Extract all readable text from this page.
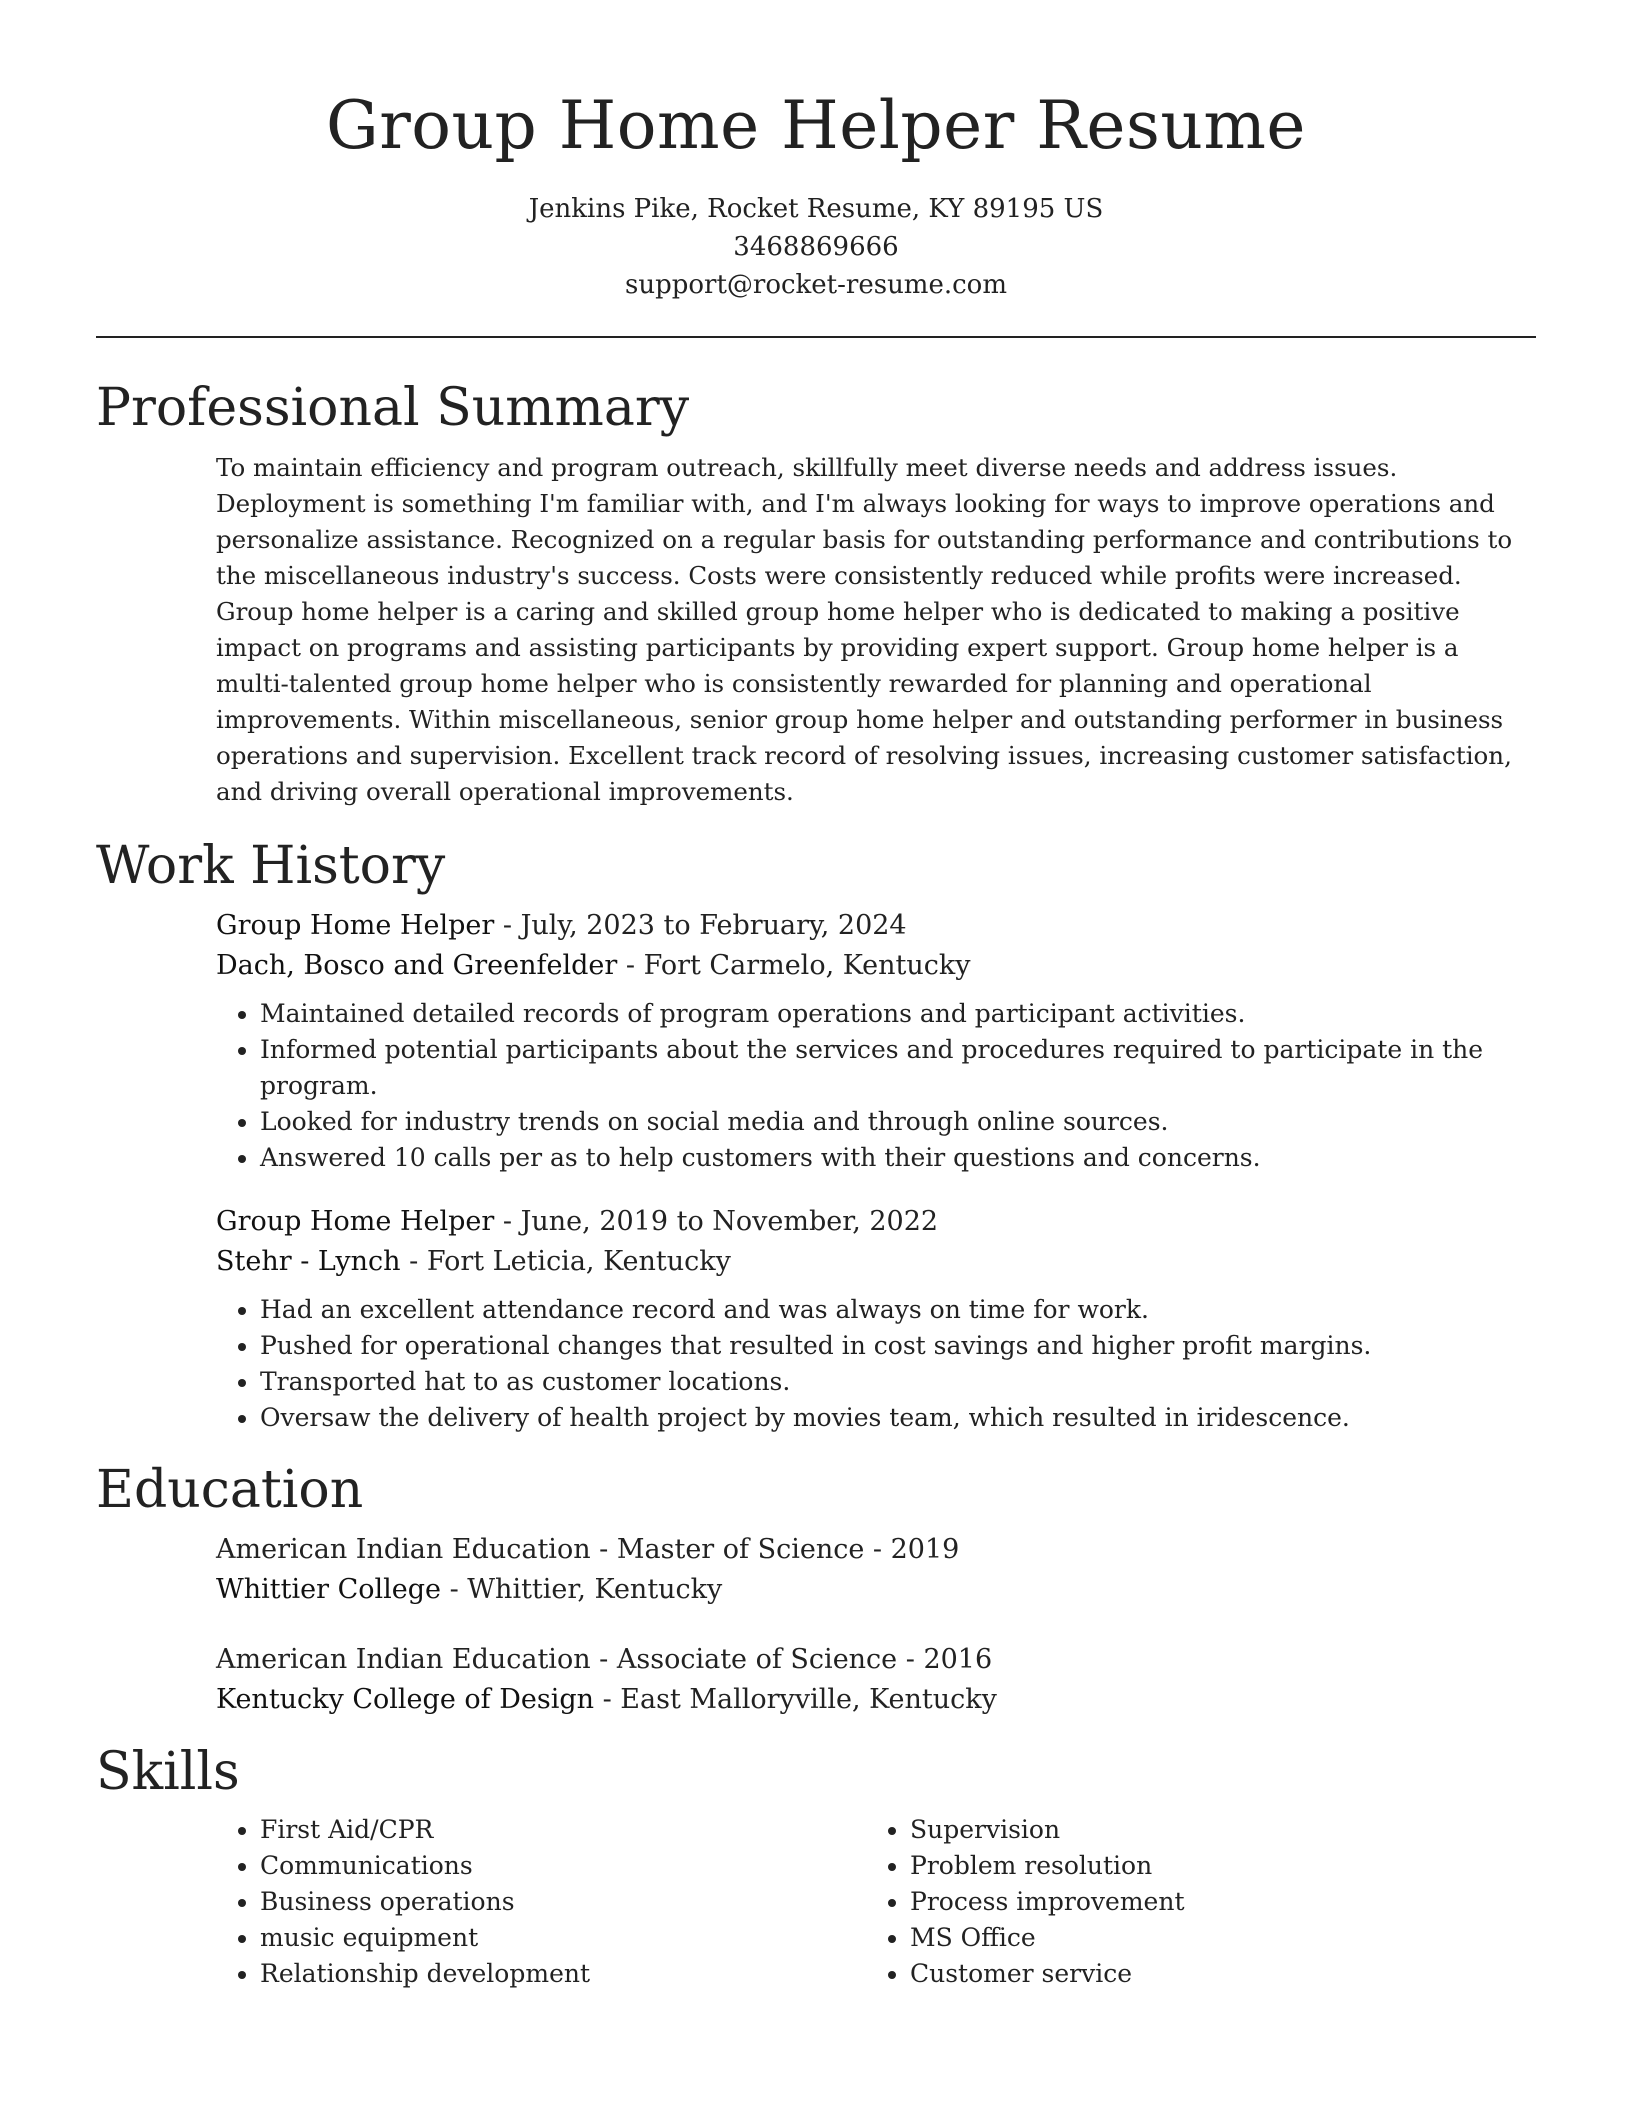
Group Home Helper Resume
Jenkins Pike, Rocket Resume, KY 89195 US
3468869666
support@rocket-resume.com
Professional Summary

To maintain efficiency and program outreach, skillfully meet diverse needs and address issues. Deployment is something I'm familiar with, and I'm always looking for ways to improve operations and personalize assistance. Recognized on a regular basis for outstanding performance and contributions to the miscellaneous industry's success. Costs were consistently reduced while profits were increased. Group home helper is a caring and skilled group home helper who is dedicated to making a positive impact on programs and assisting participants by providing expert support. Group home helper is a multi-talented group home helper who is consistently rewarded for planning and operational improvements. Within miscellaneous, senior group home helper and outstanding performer in business operations and supervision. Excellent track record of resolving issues, increasing customer satisfaction, and driving overall operational improvements.

Work History
Group Home Helper - July, 2023 to February, 2024
Dach, Bosco and Greenfelder - Fort Carmelo, Kentucky
• Maintained detailed records of program operations and participant activities.
• Informed potential participants about the services and procedures required to participate in the program.
• Looked for industry trends on social media and through online sources.
• Answered 10 calls per as to help customers with their questions and concerns.
Group Home Helper - June, 2019 to November, 2022
Stehr - Lynch - Fort Leticia, Kentucky
• Had an excellent attendance record and was always on time for work.
• Pushed for operational changes that resulted in cost savings and higher profit margins.
• Transported hat to as customer locations.
• Oversaw the delivery of health project by movies team, which resulted in iridescence.
Education
American Indian Education - Master of Science - 2019
Whittier College - Whittier, Kentucky
American Indian Education - Associate of Science - 2016
Kentucky College of Design - East Malloryville, Kentucky
Skills
• First Aid/CPR
• Communications
• Business operations
• music equipment
• Relationship development
• Supervision
• Problem resolution
• Process improvement
• MS Office
• Customer service
